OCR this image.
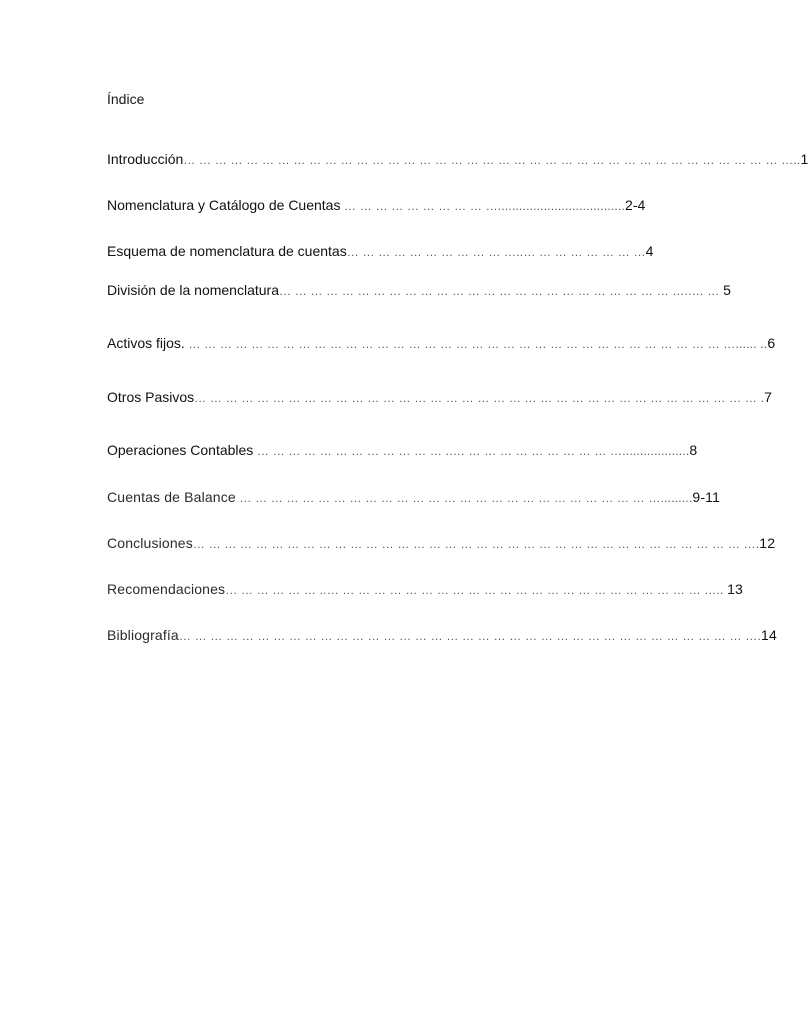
Índice
Introducción… … … … … … … … … … … … … … … … … … … … … … … … … … … … … … … … … … … … … … …..1
Nomenclatura y Catálogo de Cuentas … … … … … … … … … …....................................2-4
Esquema de nomenclatura de cuentas… … … … … … … … … … …..… … … … … … … …4
División de la nomenclatura… … … … … … … … … … … … … … … … … … … … … … … … … …..… … 5
Activos fijos. … … … … … … … … … … … … … … … … … … … … … … … … … … … … … … … … … … …...... ..6
Otros Pasivos… … … … … … … … … … … … … … … … … … … … … … … … … … … … … … … … … … … … .7
Operaciones Contables … … … … … … … … … … … … ..… … … … … … … … … … …...................8
Cuentas de Balance … … … … … … … … … … … … … … … … … … … … … … … … … … ….........9-11
Conclusiones… … … … … … … … … … … … … … … … … … … … … … … … … … … … … … … … … … … ….12
Recomendaciones… … … … … … ..… … … … … … … … … … … … … … … … … … … … … … … … ….. 13
Bibliografía… … … … … … … … … … … … … … … … … … … … … … … … … … … … … … … … … … … … ….14
